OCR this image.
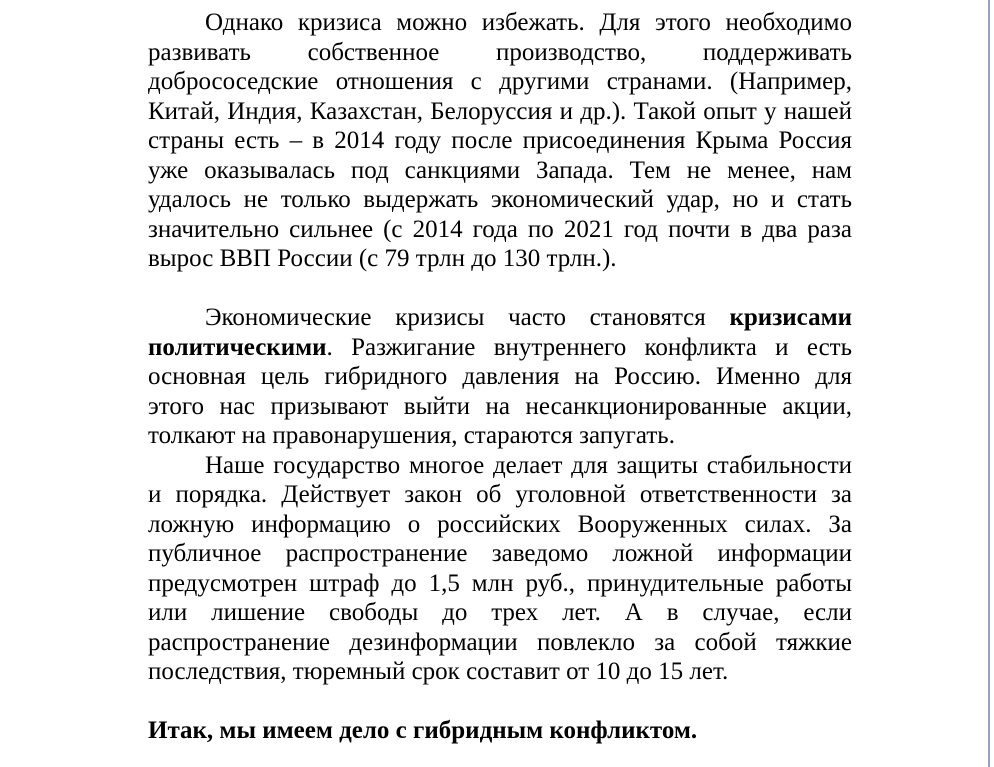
Однако кризиса можно избежать. Для этого необходимо развивать собственное производство, поддерживать добрососедские отношения с другими странами. (Например, Китай, Индия, Казахстан, Белоруссия и др.). Такой опыт у нашей страны есть – в 2014 году после присоединения Крыма Россия уже оказывалась под санкциями Запада. Тем не менее, нам удалось не только выдержать экономический удар, но и стать значительно сильнее (с 2014 года по 2021 год почти в два раза вырос ВВП России (с 79 трлн до 130 трлн.).
Экономические кризисы часто становятся кризисами политическими. Разжигание внутреннего конфликта и есть основная цель гибридного давления на Россию. Именно для этого нас призывают выйти на несанкционированные акции, толкают на правонарушения, стараются запугать.
Наше государство многое делает для защиты стабильности и порядка. Действует закон об уголовной ответственности за ложную информацию о российских Вооруженных силах. За публичное распространение заведомо ложной информации предусмотрен штраф до 1,5 млн руб., принудительные работы или лишение свободы до трех лет. А в случае, если распространение дезинформации повлекло за собой тяжкие последствия, тюремный срок составит от 10 до 15 лет.
Итак, мы имеем дело с гибридным конфликтом.
